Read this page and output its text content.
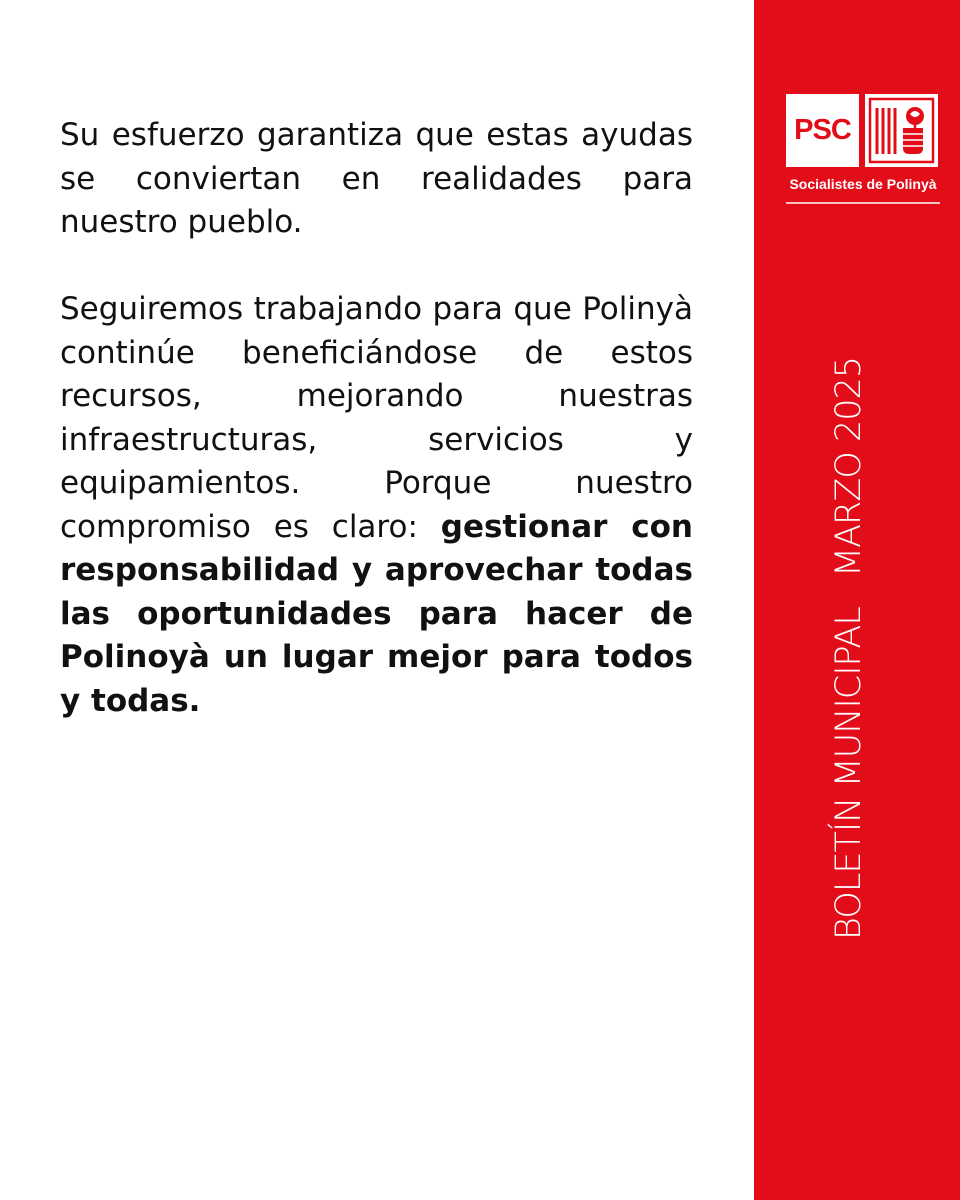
Su esfuerzo garantiza que estas ayudas se conviertan en realidades para nuestro pueblo.

Seguiremos trabajando para que Polinyà continúe beneficiándose de estos recursos, mejorando nuestras infraestructuras, servicios y equipamientos. Porque nuestro compromiso es claro: gestionar con responsabilidad y aprovechar todas las oportunidades para hacer de Polinoyà un lugar mejor para todos y todas.

PSC
Socialistes de Polinyà
BOLETÍN MUNICIPALMARZO 2025
